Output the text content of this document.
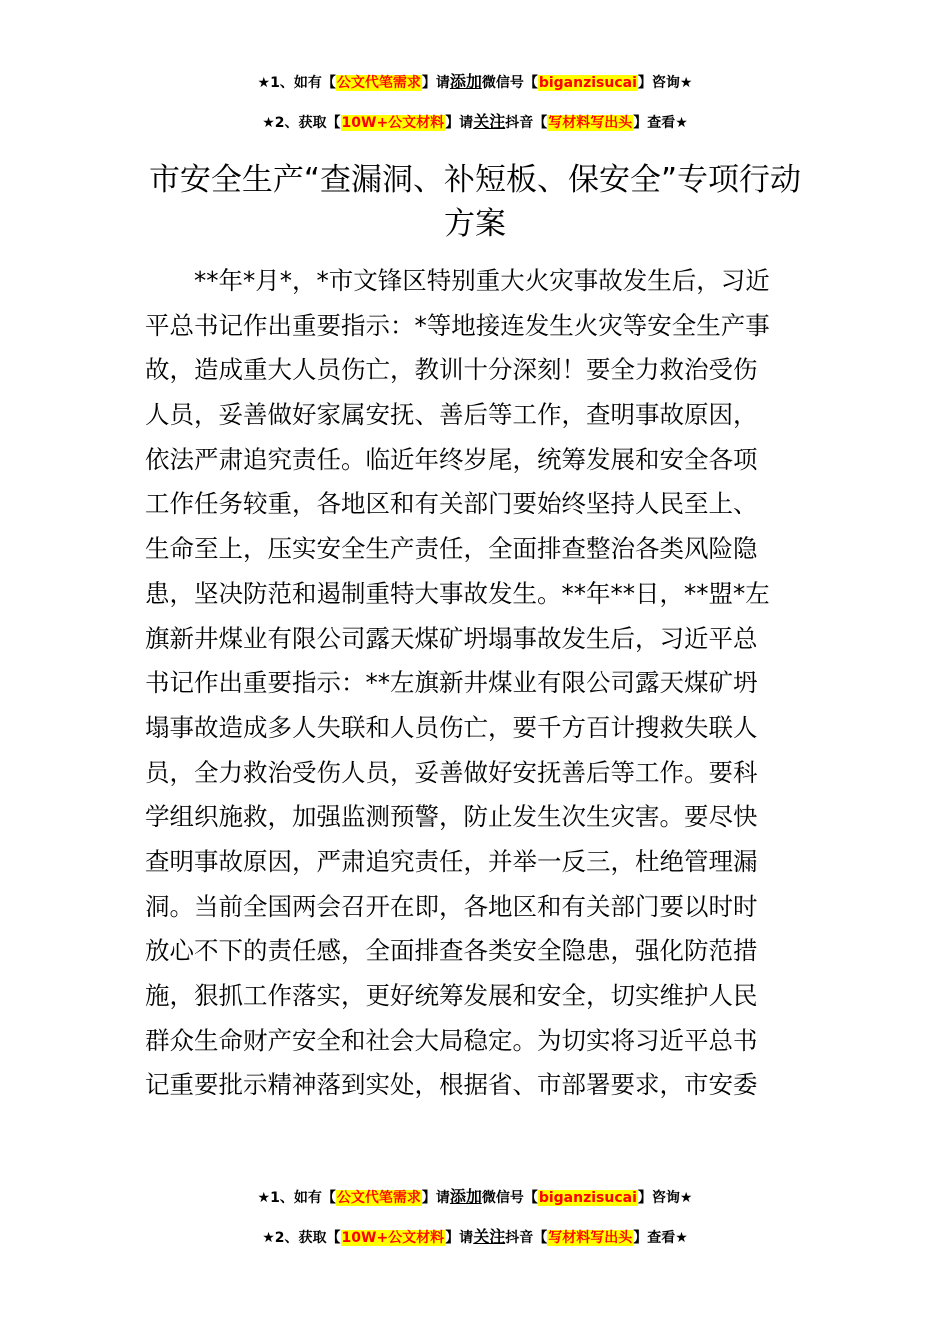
★1、如有【公文代笔需求】请添加微信号【biganzisucai】咨询★
★2、获取【10W+公文材料】请关注抖音【写材料写出头】查看★
市安全生产“查漏洞、补短板、保安全”专项行动方案
　　**年*月*，*市文锋区特别重大火灾事故发生后，习近
平总书记作出重要指示：*等地接连发生火灾等安全生产事
故，造成重大人员伤亡，教训十分深刻！要全力救治受伤
人员，妥善做好家属安抚、善后等工作，查明事故原因，
依法严肃追究责任。临近年终岁尾，统筹发展和安全各项
工作任务较重，各地区和有关部门要始终坚持人民至上、
生命至上，压实安全生产责任，全面排查整治各类风险隐
患，坚决防范和遏制重特大事故发生。**年**日，**盟*左
旗新井煤业有限公司露天煤矿坍塌事故发生后，习近平总
书记作出重要指示：**左旗新井煤业有限公司露天煤矿坍
塌事故造成多人失联和人员伤亡，要千方百计搜救失联人
员，全力救治受伤人员，妥善做好安抚善后等工作。要科
学组织施救，加强监测预警，防止发生次生灾害。要尽快
查明事故原因，严肃追究责任，并举一反三，杜绝管理漏
洞。当前全国两会召开在即，各地区和有关部门要以时时
放心不下的责任感，全面排查各类安全隐患，强化防范措
施，狠抓工作落实，更好统筹发展和安全，切实维护人民
群众生命财产安全和社会大局稳定。为切实将习近平总书
记重要批示精神落到实处，根据省、市部署要求，市安委
★1、如有【公文代笔需求】请添加微信号【biganzisucai】咨询★
★2、获取【10W+公文材料】请关注抖音【写材料写出头】查看★
